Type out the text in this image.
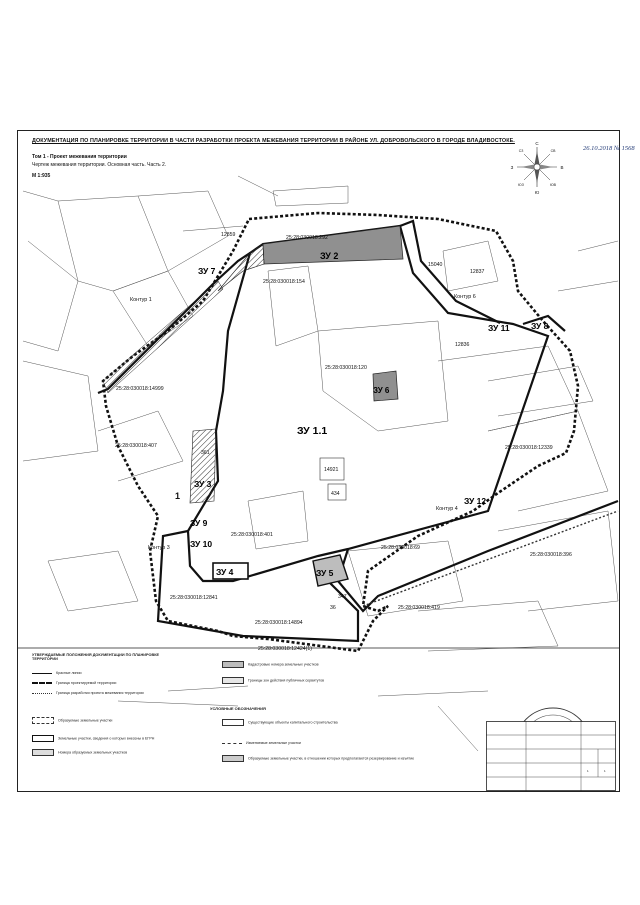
ДОКУМЕНТАЦИЯ ПО ПЛАНИРОВКЕ ТЕРРИТОРИИ В ЧАСТИ РАЗРАБОТКИ ПРОЕКТА МЕЖЕВАНИЯ ТЕРРИТОРИИ В РАЙОНЕ УЛ. ДОБРОВОЛЬСКОГО В ГОРОДЕ ВЛАДИВОСТОКЕ.
Том 1 - Проект межевания территории
Чертеж межевания территории. Основная часть. Часть 2.
М 1:935
26.10.2018 № 1568
С
Ю
З	В
СЗ	СВ
ЮЗ	ЮВ
25:28:030018:292
25:28:030018:154
25:28:030018:120
25:28:030018:14999
25:28:030018:407
25:28:030018:401
25:28:030018:69
25:28:030018:12339
25:28:030018:396
25:28:030018:419
25:28:030018:12841
25:28:030018:14894
25:28:030018:12424(1)
15040
12837
12836
12859
14921
434
361
347
1
36
ЗУ 1.1
ЗУ 2
ЗУ 3
ЗУ 4	ЗУ 5
ЗУ 6
ЗУ 7
ЗУ 8
ЗУ 9
ЗУ 10
ЗУ 11
ЗУ 12
Контур 1
Контур 3
Контур 4
Контур 6
УТВЕРЖДАЕМЫЕ ПОЛОЖЕНИЯ ДОКУМЕНТАЦИИ ПО ПЛАНИРОВКЕ ТЕРРИТОРИИ
УСЛОВНЫЕ ОБОЗНАЧЕНИЯ
Красные линии
Граница проектируемой территории
Граница разработки проекта межевания территории
Образуемые земельные участки
Земельные участки, сведения о которых внесены в ЕГРН
Номера образуемых земельных участков
Кадастровые номера земельных участков
Границы зон действия публичных сервитутов
Существующие объекты капитального строительства
Изменяемые земельные участки
Образуемые земельные участки, в отношении которых предполагаются резервирование и изъятие
1	1
